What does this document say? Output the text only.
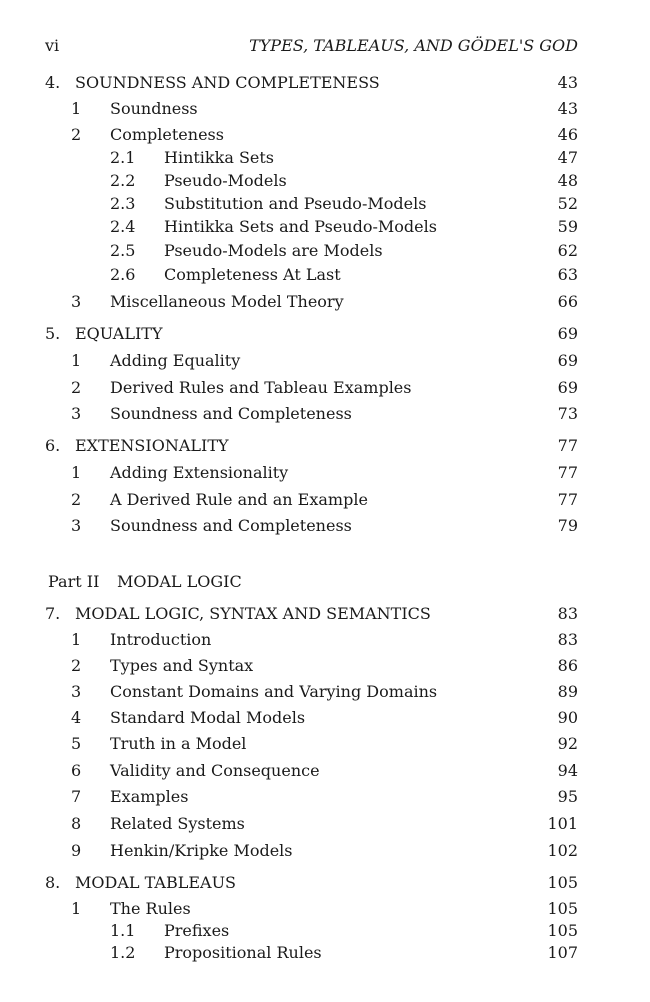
vi	TYPES, TABLEAUS, AND GÖDEL'S GOD
4. SOUNDNESS AND COMPLETENESS	43
1 Soundness	43
2 Completeness	46
2.1 Hintikka Sets	47
2.2 Pseudo-Models	48
2.3 Substitution and Pseudo-Models	52
2.4 Hintikka Sets and Pseudo-Models	59
2.5 Pseudo-Models are Models	62
2.6 Completeness At Last	63
3 Miscellaneous Model Theory	66
5. EQUALITY	69
1 Adding Equality	69
2 Derived Rules and Tableau Examples	69
3 Soundness and Completeness	73
6. EXTENSIONALITY	77
1 Adding Extensionality	77
2 A Derived Rule and an Example	77
3 Soundness and Completeness	79
Part II MODAL LOGIC
7. MODAL LOGIC, SYNTAX AND SEMANTICS	83
1 Introduction	83
2 Types and Syntax	86
3 Constant Domains and Varying Domains	89
4 Standard Modal Models	90
5 Truth in a Model	92
6 Validity and Consequence	94
7 Examples	95
8 Related Systems	101
9 Henkin/Kripke Models	102
8. MODAL TABLEAUS	105
1 The Rules	105
1.1 Prefixes	105
1.2 Propositional Rules	107
